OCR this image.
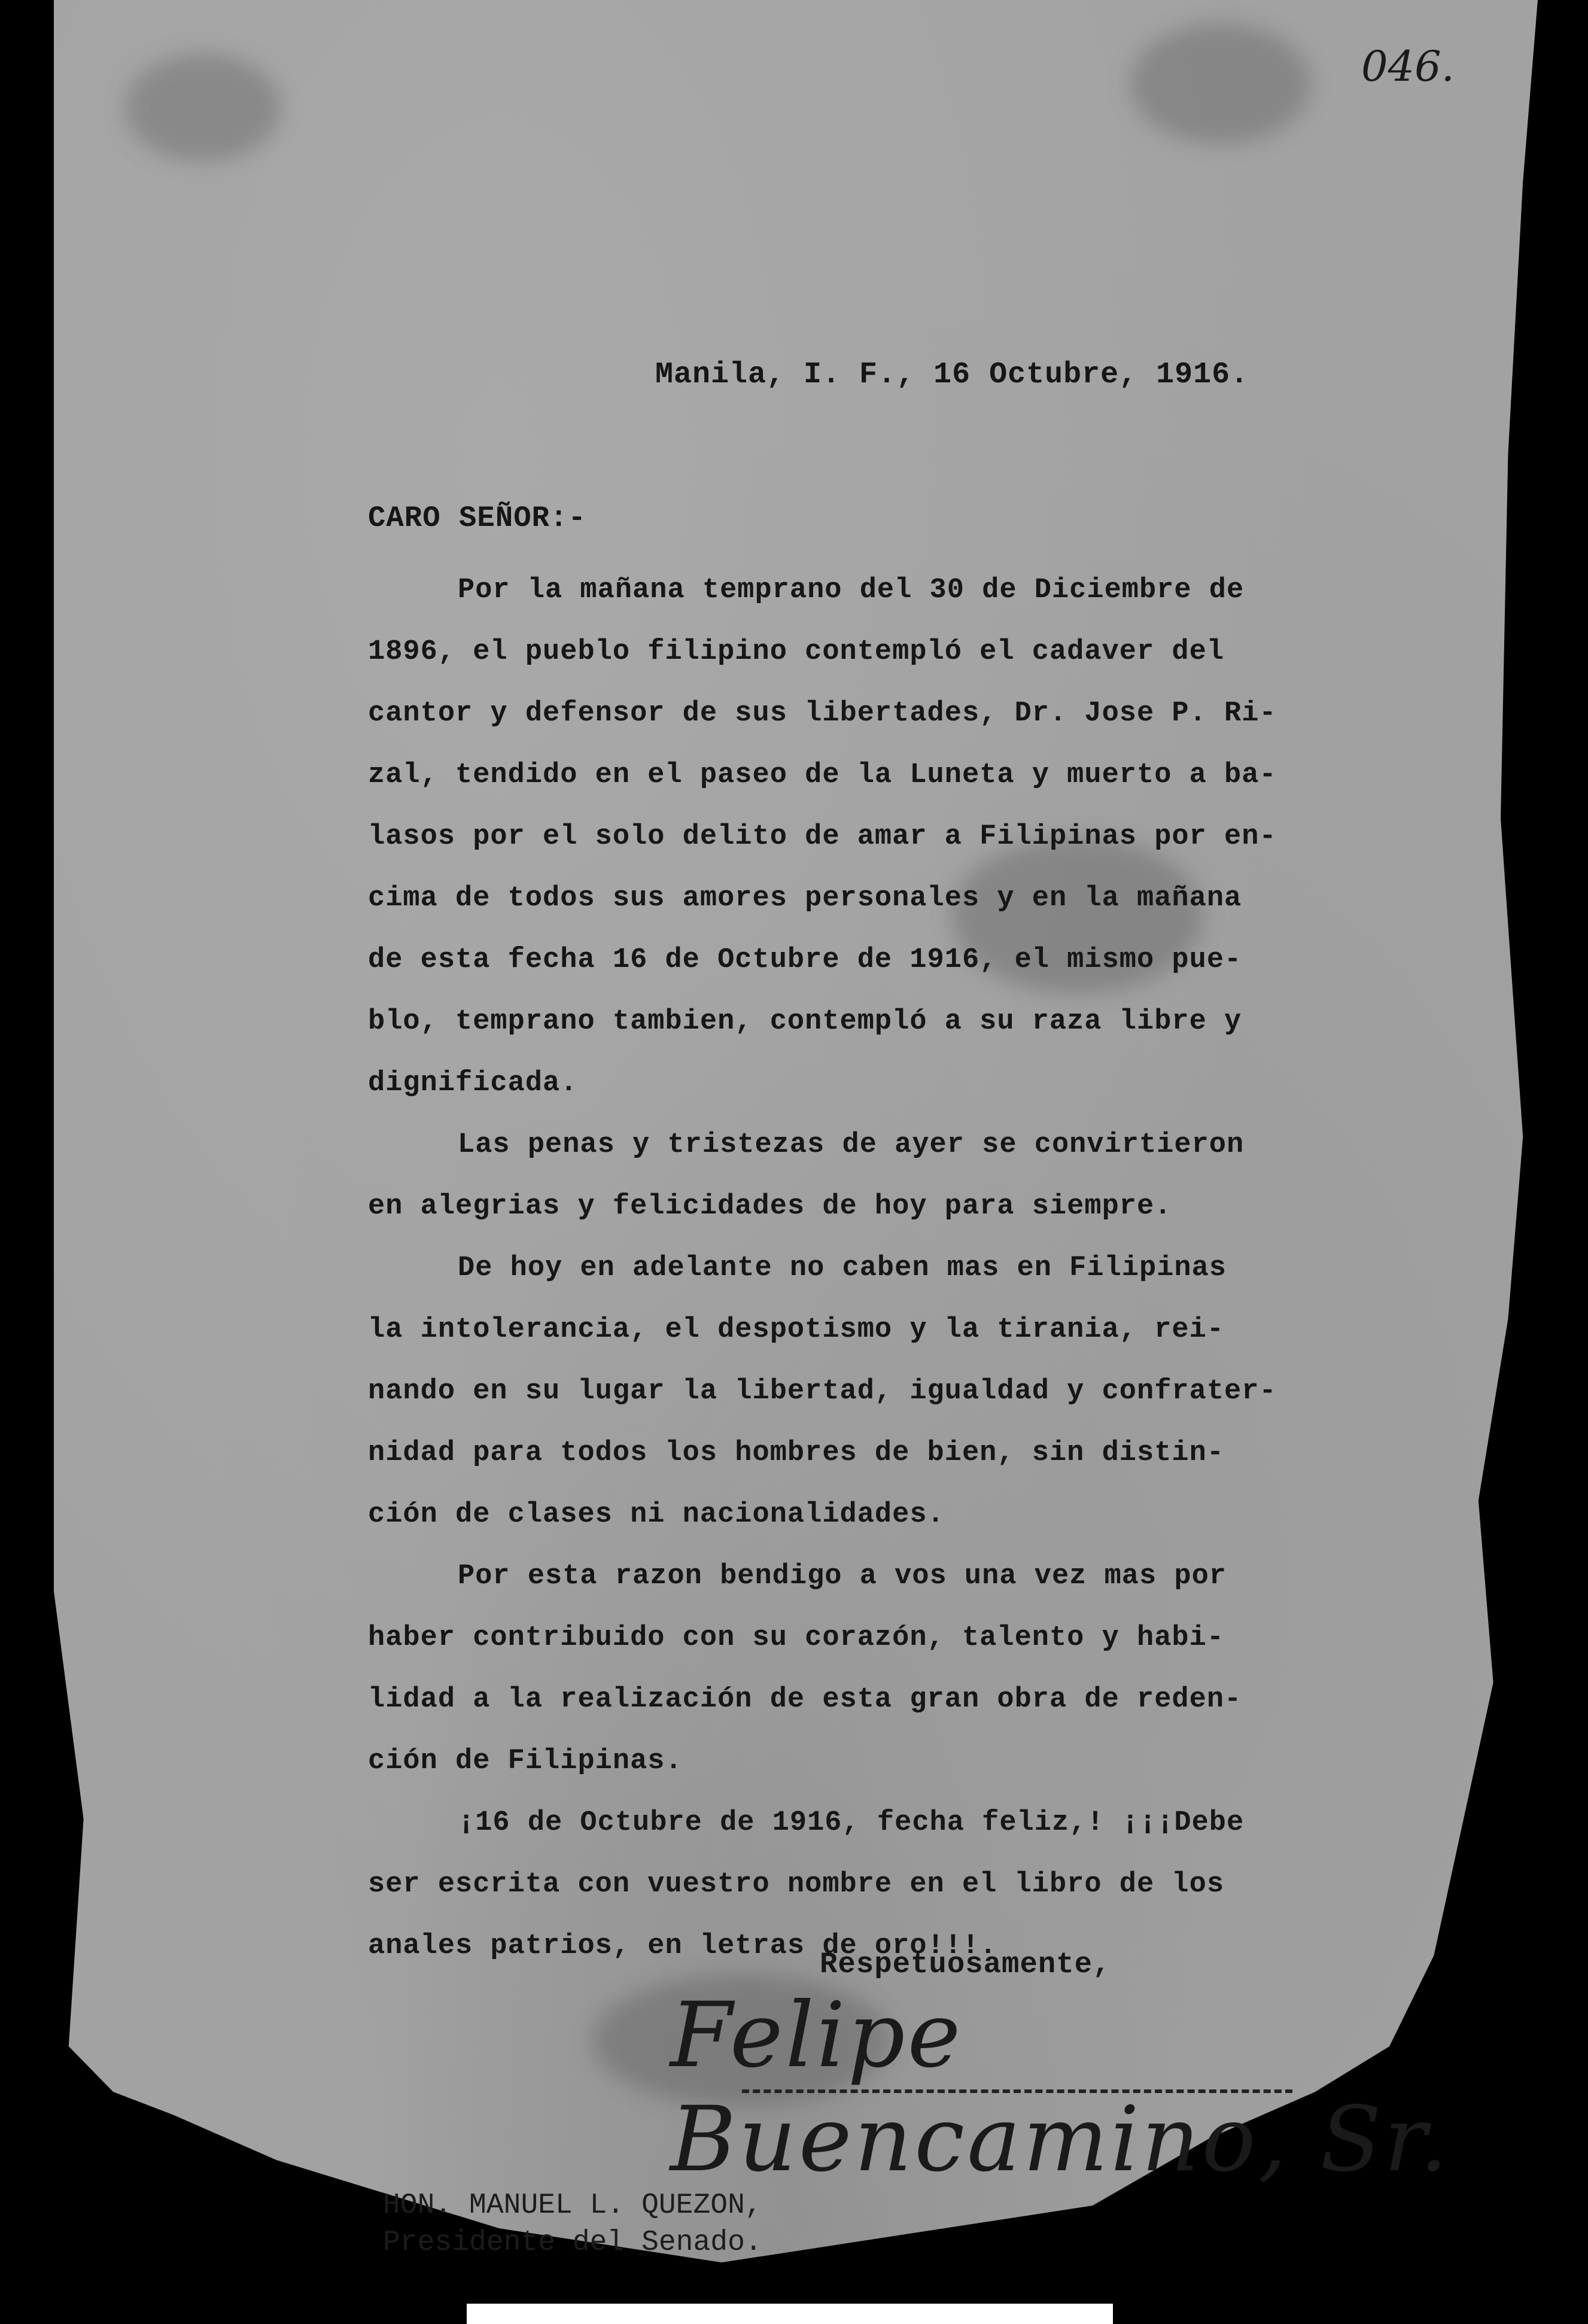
046.
Manila, I. F., 16 Octubre, 1916.
CARO SEÑOR:-
Por la mañana temprano del 30 de Diciembre de
1896, el pueblo filipino contempló el cadaver del
cantor y defensor de sus libertades, Dr. Jose P. Ri-
zal, tendido en el paseo de la Luneta y muerto a ba-
lasos por el solo delito de amar a Filipinas por en-
cima de todos sus amores personales y en la mañana
de esta fecha 16 de Octubre de 1916, el mismo pue-
blo, temprano tambien, contempló a su raza libre y
dignificada.
Las penas y tristezas de ayer se convirtieron
en alegrias y felicidades de hoy para siempre.
De hoy en adelante no caben mas en Filipinas
la intolerancia, el despotismo y la tirania, rei-
nando en su lugar la libertad, igualdad y confrater-
nidad para todos los hombres de bien, sin distin-
ción de clases ni nacionalidades.
Por esta razon bendigo a vos una vez mas por
haber contribuido con su corazón, talento y habi-
lidad a la realización de esta gran obra de reden-
ción de Filipinas.
¡16 de Octubre de 1916, fecha feliz,! ¡¡¡Debe
ser escrita con vuestro nombre en el libro de los
anales patrios, en letras de oro!!!.
Respetuosamente,
Felipe Buencamino, Sr.
HON. MANUEL L. QUEZON,
Presidente del Senado.
